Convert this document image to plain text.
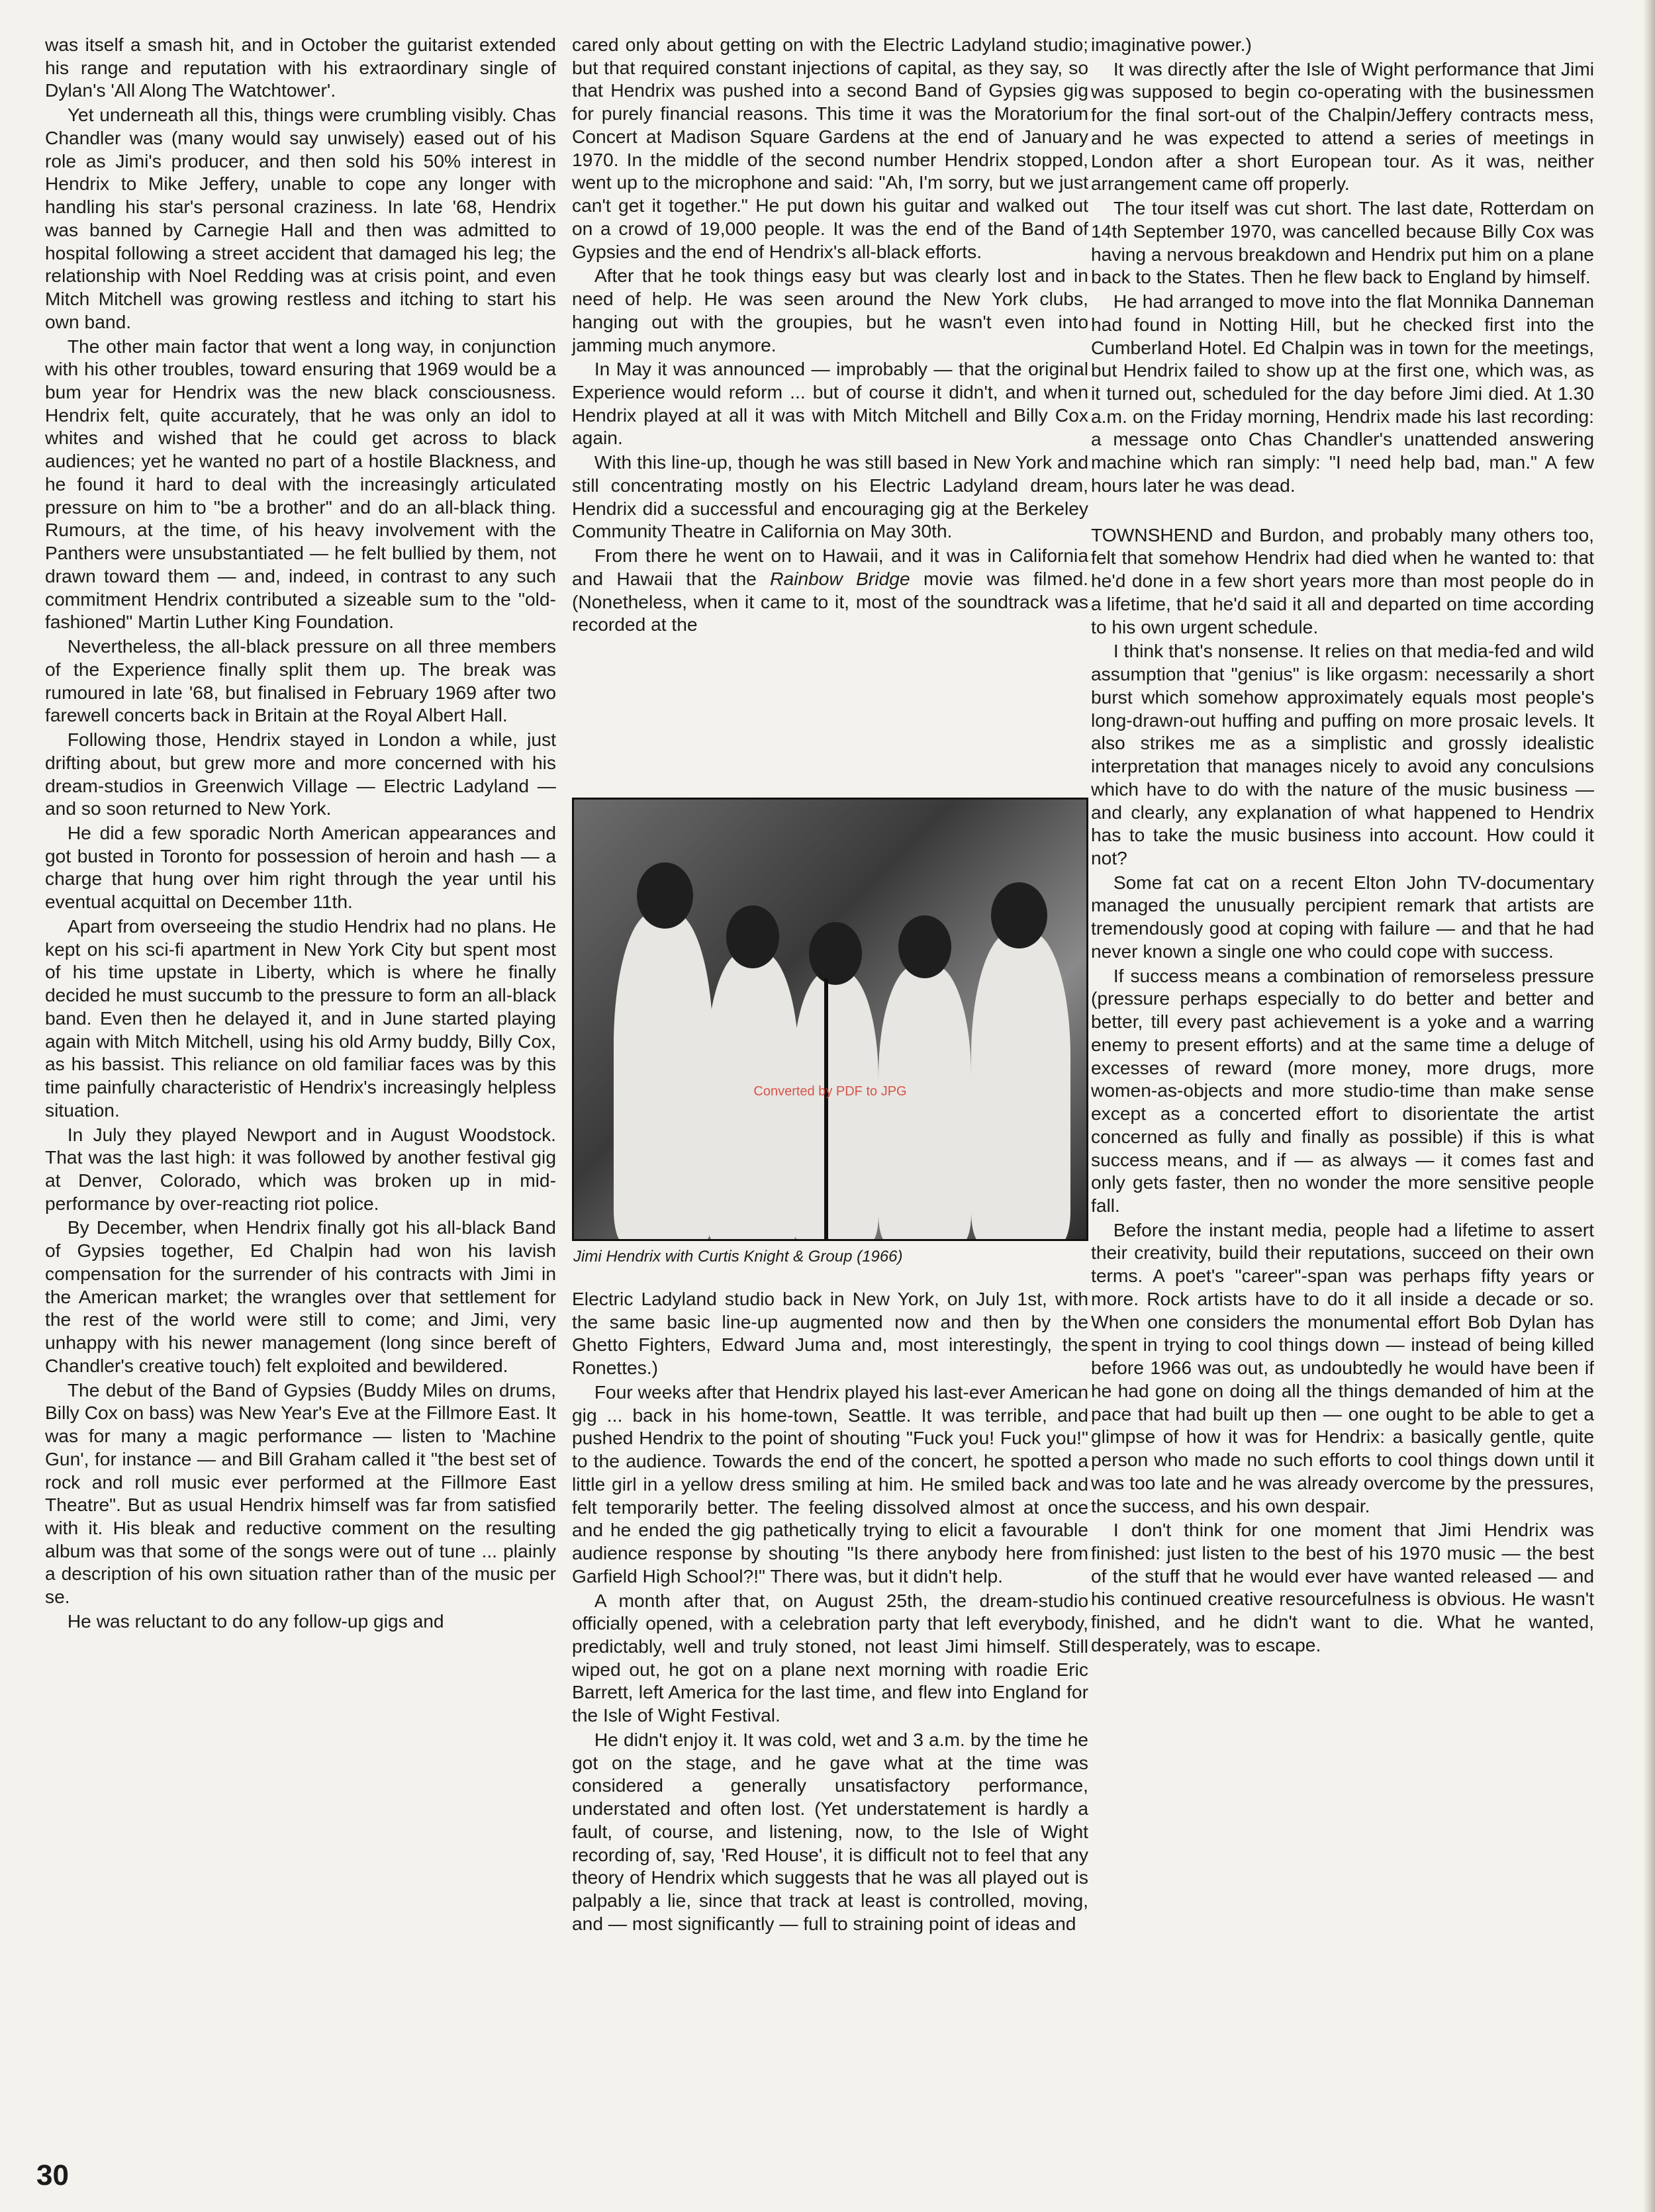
was itself a smash hit, and in October the guitarist extended his range and reputation with his extraordinary single of Dylan's 'All Along The Watchtower'.

Yet underneath all this, things were crumbling visibly. Chas Chandler was (many would say unwisely) eased out of his role as Jimi's producer, and then sold his 50% interest in Hendrix to Mike Jeffery, unable to cope any longer with handling his star's personal craziness. In late '68, Hendrix was banned by Carnegie Hall and then was admitted to hospital following a street accident that damaged his leg; the relationship with Noel Redding was at crisis point, and even Mitch Mitchell was growing restless and itching to start his own band.

The other main factor that went a long way, in conjunction with his other troubles, toward ensuring that 1969 would be a bum year for Hendrix was the new black consciousness. Hendrix felt, quite accurately, that he was only an idol to whites and wished that he could get across to black audiences; yet he wanted no part of a hostile Blackness, and he found it hard to deal with the increasingly articulated pressure on him to "be a brother" and do an all-black thing. Rumours, at the time, of his heavy involvement with the Panthers were unsubstantiated — he felt bullied by them, not drawn toward them — and, indeed, in contrast to any such commitment Hendrix contributed a sizeable sum to the "old-fashioned" Martin Luther King Foundation.

Nevertheless, the all-black pressure on all three members of the Experience finally split them up. The break was rumoured in late '68, but finalised in February 1969 after two farewell concerts back in Britain at the Royal Albert Hall.

Following those, Hendrix stayed in London a while, just drifting about, but grew more and more concerned with his dream-studios in Greenwich Village — Electric Ladyland — and so soon returned to New York.

He did a few sporadic North American appearances and got busted in Toronto for possession of heroin and hash — a charge that hung over him right through the year until his eventual acquittal on December 11th.

Apart from overseeing the studio Hendrix had no plans. He kept on his sci-fi apartment in New York City but spent most of his time upstate in Liberty, which is where he finally decided he must succumb to the pressure to form an all-black band. Even then he delayed it, and in June started playing again with Mitch Mitchell, using his old Army buddy, Billy Cox, as his bassist. This reliance on old familiar faces was by this time painfully characteristic of Hendrix's increasingly helpless situation.

In July they played Newport and in August Woodstock. That was the last high: it was followed by another festival gig at Denver, Colorado, which was broken up in mid-performance by over-reacting riot police.

By December, when Hendrix finally got his all-black Band of Gypsies together, Ed Chalpin had won his lavish compensation for the surrender of his contracts with Jimi in the American market; the wrangles over that settlement for the rest of the world were still to come; and Jimi, very unhappy with his newer management (long since bereft of Chandler's creative touch) felt exploited and bewildered.

The debut of the Band of Gypsies (Buddy Miles on drums, Billy Cox on bass) was New Year's Eve at the Fillmore East. It was for many a magic performance — listen to 'Machine Gun', for instance — and Bill Graham called it "the best set of rock and roll music ever performed at the Fillmore East Theatre". But as usual Hendrix himself was far from satisfied with it. His bleak and reductive comment on the resulting album was that some of the songs were out of tune ... plainly a description of his own situation rather than of the music per se.

He was reluctant to do any follow-up gigs and

cared only about getting on with the Electric Ladyland studio; but that required constant injections of capital, as they say, so that Hendrix was pushed into a second Band of Gypsies gig for purely financial reasons. This time it was the Moratorium Concert at Madison Square Gardens at the end of January 1970. In the middle of the second number Hendrix stopped, went up to the microphone and said: "Ah, I'm sorry, but we just can't get it together." He put down his guitar and walked out on a crowd of 19,000 people. It was the end of the Band of Gypsies and the end of Hendrix's all-black efforts.

After that he took things easy but was clearly lost and in need of help. He was seen around the New York clubs, hanging out with the groupies, but he wasn't even into jamming much anymore.

In May it was announced — improbably — that the original Experience would reform ... but of course it didn't, and when Hendrix played at all it was with Mitch Mitchell and Billy Cox again.

With this line-up, though he was still based in New York and still concentrating mostly on his Electric Ladyland dream, Hendrix did a successful and encouraging gig at the Berkeley Community Theatre in California on May 30th.

From there he went on to Hawaii, and it was in California and Hawaii that the Rainbow Bridge movie was filmed. (Nonetheless, when it came to it, most of the soundtrack was recorded at the

Converted by PDF to JPG
Jimi Hendrix with Curtis Knight & Group (1966)

Electric Ladyland studio back in New York, on July 1st, with the same basic line-up augmented now and then by the Ghetto Fighters, Edward Juma and, most interestingly, the Ronettes.)

Four weeks after that Hendrix played his last-ever American gig ... back in his home-town, Seattle. It was terrible, and pushed Hendrix to the point of shouting "Fuck you! Fuck you!" to the audience. Towards the end of the concert, he spotted a little girl in a yellow dress smiling at him. He smiled back and felt temporarily better. The feeling dissolved almost at once and he ended the gig pathetically trying to elicit a favourable audience response by shouting "Is there anybody here from Garfield High School?!" There was, but it didn't help.

A month after that, on August 25th, the dream-studio officially opened, with a celebration party that left everybody, predictably, well and truly stoned, not least Jimi himself. Still wiped out, he got on a plane next morning with roadie Eric Barrett, left America for the last time, and flew into England for the Isle of Wight Festival.

He didn't enjoy it. It was cold, wet and 3 a.m. by the time he got on the stage, and he gave what at the time was considered a generally unsatisfactory performance, understated and often lost. (Yet understatement is hardly a fault, of course, and listening, now, to the Isle of Wight recording of, say, 'Red House', it is difficult not to feel that any theory of Hendrix which suggests that he was all played out is palpably a lie, since that track at least is controlled, moving, and — most significantly — full to straining point of ideas and

imaginative power.)

It was directly after the Isle of Wight performance that Jimi was supposed to begin co-operating with the businessmen for the final sort-out of the Chalpin/Jeffery contracts mess, and he was expected to attend a series of meetings in London after a short European tour. As it was, neither arrangement came off properly.

The tour itself was cut short. The last date, Rotterdam on 14th September 1970, was cancelled because Billy Cox was having a nervous breakdown and Hendrix put him on a plane back to the States. Then he flew back to England by himself.

He had arranged to move into the flat Monnika Danneman had found in Notting Hill, but he checked first into the Cumberland Hotel. Ed Chalpin was in town for the meetings, but Hendrix failed to show up at the first one, which was, as it turned out, scheduled for the day before Jimi died. At 1.30 a.m. on the Friday morning, Hendrix made his last recording: a message onto Chas Chandler's unattended answering machine which ran simply: "I need help bad, man." A few hours later he was dead.

TOWNSHEND and Burdon, and probably many others too, felt that somehow Hendrix had died when he wanted to: that he'd done in a few short years more than most people do in a lifetime, that he'd said it all and departed on time according to his own urgent schedule.

I think that's nonsense. It relies on that media-fed and wild assumption that "genius" is like orgasm: necessarily a short burst which somehow approximately equals most people's long-drawn-out huffing and puffing on more prosaic levels. It also strikes me as a simplistic and grossly idealistic interpretation that manages nicely to avoid any conculsions which have to do with the nature of the music business — and clearly, any explanation of what happened to Hendrix has to take the music business into account. How could it not?

Some fat cat on a recent Elton John TV-documentary managed the unusually percipient remark that artists are tremendously good at coping with failure — and that he had never known a single one who could cope with success.

If success means a combination of remorseless pressure (pressure perhaps especially to do better and better and better, till every past achievement is a yoke and a warring enemy to present efforts) and at the same time a deluge of excesses of reward (more money, more drugs, more women-as-objects and more studio-time than make sense except as a concerted effort to disorientate the artist concerned as fully and finally as possible) if this is what success means, and if — as always — it comes fast and only gets faster, then no wonder the more sensitive people fall.

Before the instant media, people had a lifetime to assert their creativity, build their reputations, succeed on their own terms. A poet's "career"-span was perhaps fifty years or more. Rock artists have to do it all inside a decade or so. When one considers the monumental effort Bob Dylan has spent in trying to cool things down — instead of being killed before 1966 was out, as undoubtedly he would have been if he had gone on doing all the things demanded of him at the pace that had built up then — one ought to be able to get a glimpse of how it was for Hendrix: a basically gentle, quite person who made no such efforts to cool things down until it was too late and he was already overcome by the pressures, the success, and his own despair.

I don't think for one moment that Jimi Hendrix was finished: just listen to the best of his 1970 music — the best of the stuff that he would ever have wanted released — and his continued creative resourcefulness is obvious. He wasn't finished, and he didn't want to die. What he wanted, desperately, was to escape.

30
